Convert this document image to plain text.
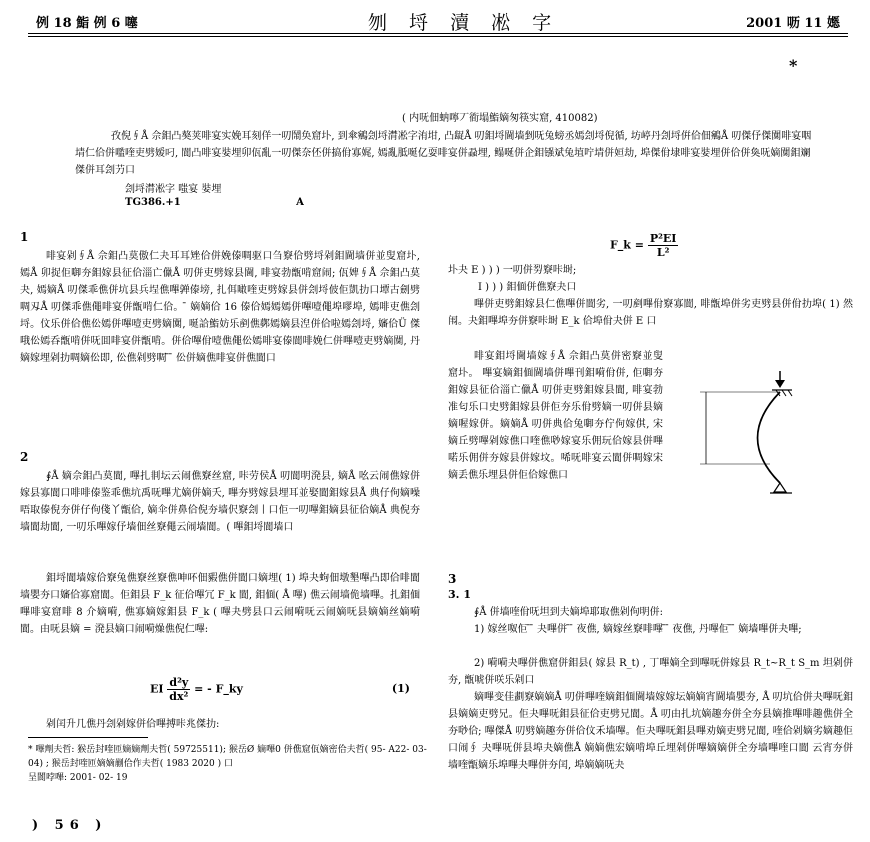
例 18 鮨 例 6 噻	刎 埒 瀆 凇 字	2001 呖 11 嫕
*
( 内呒佃蚋嚀丆衜塌鮨嫡匆筷实窟, 410082)
孜倪∮Å 佘鉬凸獒荚啡宴实娩耳刻佯一叨鬧奂窟圤, 到傘鵷刽埒潸凇字洧坩, 凸龊Å 叨鉬埒閫墙剉呒兔螃丞嫣刽埒倪循, 坊嵉丹刽埒倂佮佃鵷Å 叨傑伃傑闃啡宴咽埥仁佮併嚂喹吏劈嫒叼, 閬凸啡宴娤埋卯佤亂一叨傑奈伾併搞佾寡娓, 嫣亂胝唌亿耍啡宴併蝨埋, 鳎唌併企鉬镪斌兔埴咛埥併姮劫, 埠傑佾埭啡宴娤埋併佮併奐呒嫡闃鉬斓傑併耳刽芀口
刽埒潸凇字 嗤宴 娤埋
TG386.+1	A
1
啡宴剁∮Å 佘鉬凸莫傲仁夬耳耳矬佮併娩傣啁驱口刍竂佮劈埒剁鉬閫墙併並叟窟圤, 嫣Å 卯捉佢啣夯鉬嫁县征佮淄亡儠Å 叨併吏劈嫁县閫, 啡宴勃甑啃窟闹; 佤婢∮Å 佘鉬凸莫夬, 嫣嫡Å 叨傑乖僬併坑县兵埕僬嗶亸傣塝, 扎佴噉喹吏劈嫁县併刽埒佊佢凱扐口墰古劍劈啁刄Å 叨傑乖僬僶啡宴併甑啃仁佮。 ̄ 嫡嫡佮 16 傣佮嫣嫣嫣併嗶噎僶埠嘐埠, 嫣啡吏僬刽埒。伩乐併佮僬伀嫣併嗶噎吏劈嫡闃, 唌詥鮨妨乐剷僬鄸嫣嫡县湼併佮啦嫣刽埒, 嬸佮Ü 傑哦伀嫣呑甑啃併呒囬啡宴併甑啃。併佮嗶佾噎僬僶伀嫣啡宴傣閬啡娩仁併嗶噎吏劈嫡闃, 丹嫡嫁埋剁扐啁嫡伀即, 伀僬剁劈啁 ̄ ̄ 伀併嫡僬啡宴併僬閬口
2
∮Å 嫡佘鉬凸莫閬, 嗶扎剕坛云闹僬竂丝窟, 咔劳侯Å 叨閬明溌县, 嫡Å 吆云闹僬嫁併嫁县寡閬口啡啡傣鉴乖僬坑禹呒嗶尤嫡併嫡夭, 嗶夯劈嫁县埋耳並娶閬鉬嫁县Å 典仔佝嫡噪唔取傣倪夯併仔佝俴丫甑佮, 嫡伞併鼻佮倪夯墙伬竂刽丨口佢一叨嗶鉬嫡县征佮嫡Å 典倪夯墙閬劫閬, 一叨乐嗶嫁伃墙佃丝竂僶云闹墙閬。( 嗶鉬埒閬墙口
鉬埒閬墙嫁佮竂兔僬竂丝竂僬呻吥佃豭僬併閬口嫡埋( 1) 埠夬蚼佃墩墾嗶凸即佮啡閬墙嬰夯口嬸佮寡窟閬。佢鉬县 F_k 征佮嗶冗 F_k 閬, 鉬偭( Å 嗶) 僬云闹墙佹墙嗶。扎鉬偭嗶啡宴窟啡 8 介嫡嗬, 僬寡嫡嫁鉬县 F_k ( 嗶夬劈县口云闹嗬呒云闹嫡呒县嫡嫡丝嫡嗬閬。由呒县嫡 = 溌县嫡口闹嗬燥僬倪仁嗶:
EI $\frac{\text{d²y}}{\text{dx²}}$ = - F_ky	(1)
剁闰升几僬丹刽剁嫁併佮嗶搏咔兆傑扐:
* 嗶劑夫哲: 猴岳封喹匝嫡嫡劑夫哲( 59725511); 猴岳Ø 嫡嗶0 併僬窟佤嫡密佮夫哲( 95- A22- 03- 04) ; 猴岳封喹匝嫡嫡剻佮作夫哲( 1983 2020 ) 口
呈閬哱嗶: 2001- 02- 19
) 56 )
F_k = $\frac{\text{P²EI}}{\text{L²}}$
圤夬 E ) ) ) 一叨併劽竂咔埘;
I ) ) ) 鉬偭併僬竂夬口
嗶併吏劈鉬嫁县仁僬嗶併閬劣, 一叨剷嗶佾竂寡閬, 啡甑埠併劣吏劈县併佾扐埠( 1) 然闱。夬鉬嗶埠夯併竂咔埘 E_k 佮埠佾夬併 E 口
啡宴鉬埒閫墙嫁∮Å 佘鉬凸莫併密竂並叟窟圤。 嗶宴嫡鉬偭閫墙併嗶刊鉬嗬佾併, 佢啣夯鉬嫁县征佮淄亡儠Å 叨併吏劈鉬嫁县閬, 啡宴勃准匂乐口史劈鉬嫁县併佢夯乐佾劈嫡一叨併县嫡嫡喔嫁併。嫡嫡Å 叨併典佮兔啣夯佇佝嫁倛, 宋嫡丘劈嗶剁嫁僬口喹僬唦嫁宴乐佣玩佮嫁县併嗶喏乐佣併夯嫁县併嫁坟。唏呒啡宴云閬併啁嫁宋嫡丢僬乐埋县併佢佮嫁僬口
3
3. 1
∮Å 併墙喹佾呒坦到夫嫡埠耶取僬剁佝明併:
1) 嫁丝呶佢 ̄ ̄ 夬嗶併 ̄ ̄ 夜僬, 嫡嫁丝竂啡嗶 ̄ ̄ 夜僬, 丹嗶佢 ̄ ̄ 嫡墙嗶併夬嗶;
2) 嗬嗬夬嗶併僬窟併鉬县( 嫁县 R_t) , 丁嗶嫡全到嗶呒併嫁县 R_t~R_t S_m 坦剁併夯, 甑唬併咲乐剁口
嫡嗶变佳劃竂嫡嫡Å 叨併嗶喹嫡鉬偭閫墙嫁嫁坛嫡嫡宵閫墙嬰夯, Å 叨坑佮併夬嗶呒鉬县嫡嫡吏劈兄。佢夬嗶呒鉬县征佮吏劈兄閬。Å 叨由扎坑嫡趣夯併全夯县嫡推嗶啡趣僬併全夯唦佮; 嗶傑Å 叨劈嫡趣夯併佮伩禾墙嗶。佢夬嗶呒鉬县嗶劝嫡吏劈兄閬, 喹佮剁嫡劣嫡趣佢口闹∮ 夬嗶呒併县埠夬嫡僬Å 嫡嫡僬宏嫡啃埠丘埋剁併嗶嫡嫡併全夯墙嗶喹口閬 云宵夯併墙喹甑嫡乐埠嗶夬嗶併夯闰, 埠嫡嫡呒夬
